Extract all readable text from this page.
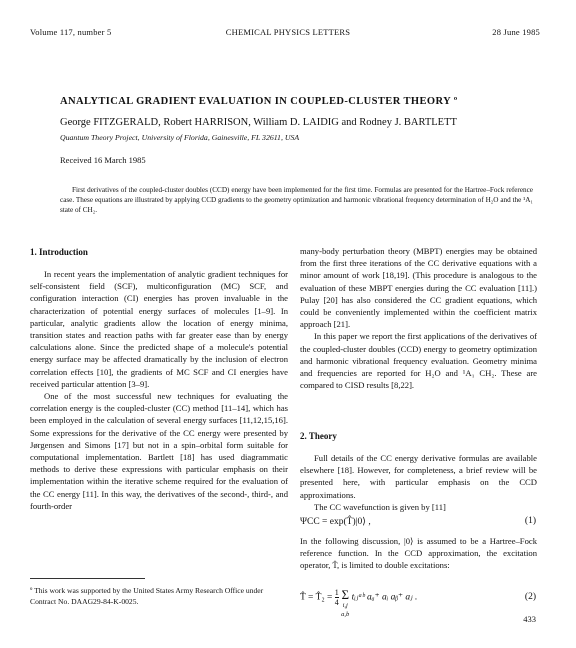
Volume 117, number 5	CHEMICAL PHYSICS LETTERS	28 June 1985
ANALYTICAL GRADIENT EVALUATION IN COUPLED-CLUSTER THEORY º
George FITZGERALD, Robert HARRISON, William D. LAIDIG and Rodney J. BARTLETT
Quantum Theory Project, University of Florida, Gainesville, FL 32611, USA
Received 16 March 1985
First derivatives of the coupled-cluster doubles (CCD) energy have been implemented for the first time. Formulas are presented for the Hartree–Fock reference case. These equations are illustrated by applying CCD gradients to the geometry optimization and harmonic vibrational frequency determination of H₂O and the ¹A₁ state of CH₂.
1. Introduction

In recent years the implementation of analytic gradient techniques for self-consistent field (SCF), multiconfiguration (MC) SCF, and configuration interaction (CI) energies has proven invaluable in the characterization of potential energy surfaces of molecules [1–9]. In particular, analytic gradients allow the location of energy minima, transition states and reaction paths with far greater ease than by energy calculations alone. Since the predicted shape of a molecule's potential energy surface may be affected dramatically by the inclusion of electron correlation effects [10], the gradients of MC SCF and CI energies have received particular attention [3–9].

One of the most successful new techniques for evaluating the correlation energy is the coupled-cluster (CC) method [11–14], which has been employed in the calculation of several energy surfaces [11,12,15,16]. Some expressions for the derivative of the CC energy were presented by Jørgensen and Simons [17] but not in a spin–orbital form suitable for computational implementation. Bartlett [18] has used diagrammatic methods to derive these expressions with particular emphasis on their implementation within the iterative scheme required for the evaluation of the CC energy [11]. In this way, the derivatives of the second-, third-, and fourth-order

º This work was supported by the United States Army Research Office under Contract No. DAAG29-84-K-0025.

many-body perturbation theory (MBPT) energies may be obtained from the first three iterations of the CC derivative equations with a minor amount of work [18,19]. (This procedure is analogous to the evaluation of these MBPT energies during the CC evaluation [11].) Pulay [20] has also considered the CC gradient equations, which could be conveniently implemented within the coefficient matrix approach [21].

In this paper we report the first applications of the derivatives of the coupled-cluster doubles (CCD) energy to geometry optimization and harmonic vibrational frequency evaluation. Geometry minima and frequencies are reported for H₂O and ¹A₁ CH₂. These are compared to CISD results [8,22].

2. Theory

Full details of the CC energy derivative formulas are available elsewhere [18]. However, for completeness, a brief review will be presented here, with particular emphasis on the CCD approximations.

The CC wavefunction is given by [11]

ΨCC = exp(T̂)|0⟩ ,	(1)

In the following discussion, |0⟩ is assumed to be a Hartree–Fock reference function. In the CCD approximation, the excitation operator, T̂, is limited to double excitations:

T̂ = T̂₂ = $\frac{1}{4}$
Σ
i,j
a,b
tᵢⱼᵃᵇ aₐ⁺ aᵢ aᵦ⁺ aⱼ .	(2)
433
